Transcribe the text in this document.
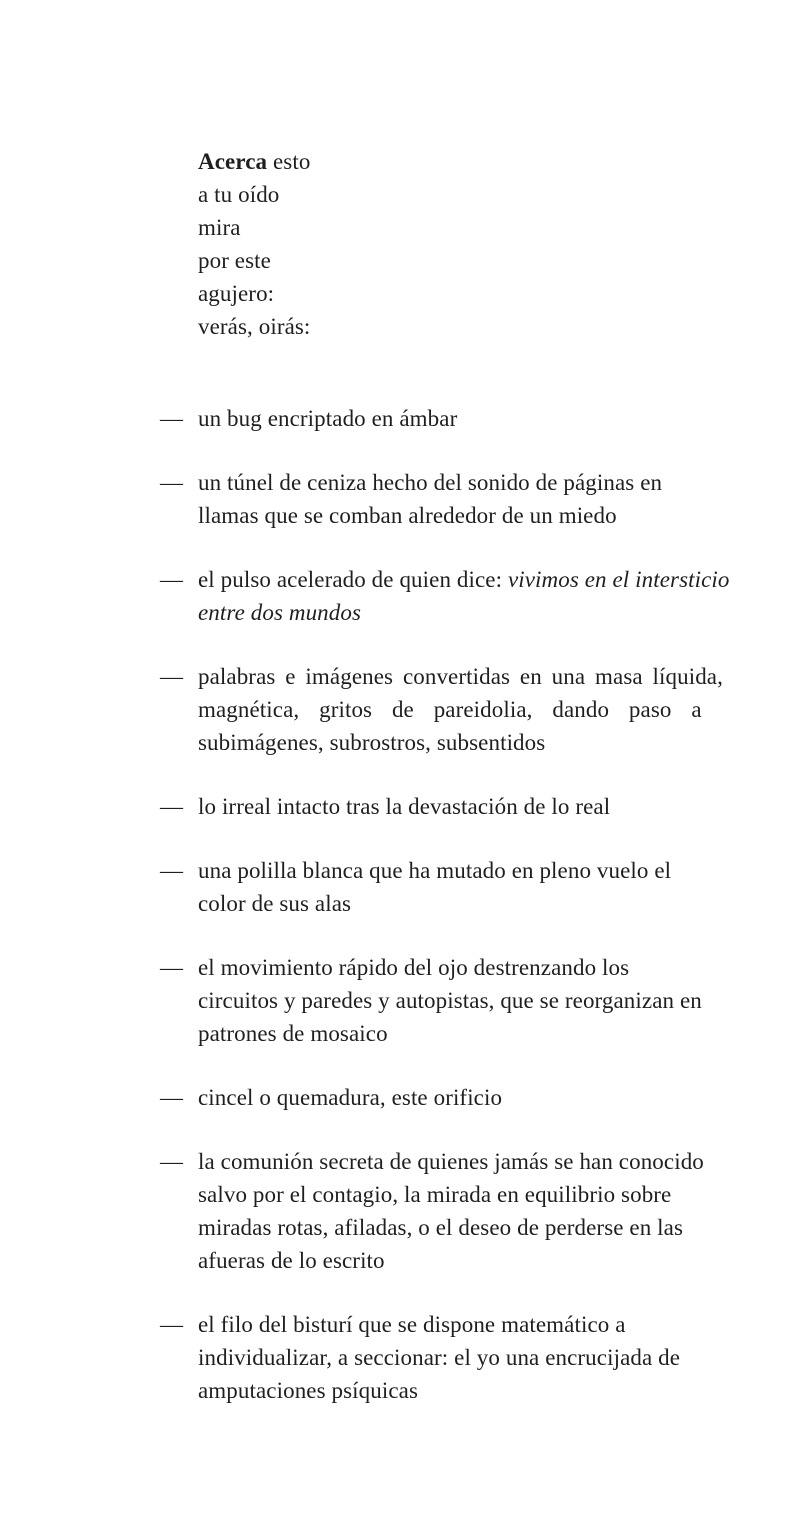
Acerca esto
a tu oído
mira
por este
agujero:
verás, oirás:
— un bug encriptado en ámbar
— un túnel de ceniza hecho del sonido de páginas en
llamas que se comban alrededor de un miedo
— el pulso acelerado de quien dice: vivimos en el intersticio
entre dos mundos
— palabras e imágenes convertidas en una masa líquida,
magnética, gritos de pareidolia, dando paso a
subimágenes, subrostros, subsentidos
— lo irreal intacto tras la devastación de lo real
— una polilla blanca que ha mutado en pleno vuelo el
color de sus alas
— el movimiento rápido del ojo destrenzando los
circuitos y paredes y autopistas, que se reorganizan en
patrones de mosaico
— cincel o quemadura, este orificio
— la comunión secreta de quienes jamás se han conocido
salvo por el contagio, la mirada en equilibrio sobre
miradas rotas, afiladas, o el deseo de perderse en las
afueras de lo escrito
— el filo del bisturí que se dispone matemático a
individualizar, a seccionar: el yo una encrucijada de
amputaciones psíquicas
